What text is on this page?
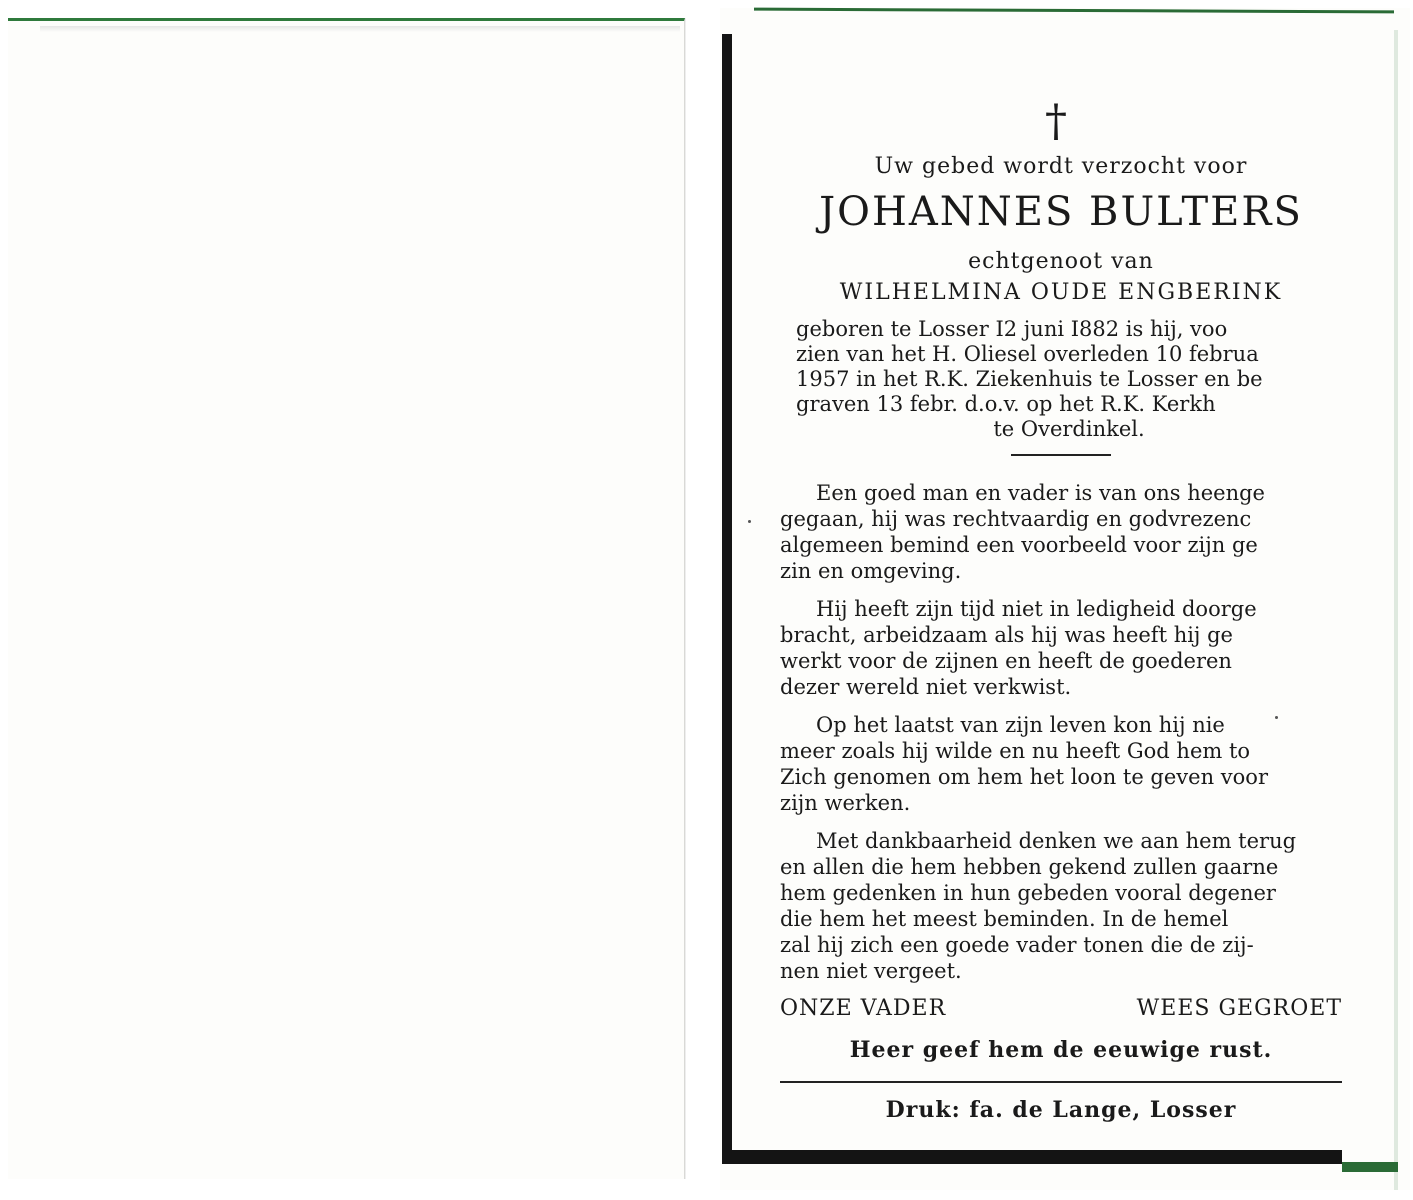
†
Uw gebed wordt verzocht voor
JOHANNES BULTERS
echtgenoot van
WILHELMINA OUDE ENGBERINK
geboren te Losser I2 juni I882 is hij, voo
zien van het H. Oliesel overleden 10 februa
1957 in het R.K. Ziekenhuis te Losser en be
graven 13 febr. d.o.v. op het R.K. Kerkh
te Overdinkel.
Een goed man en vader is van ons heenge
gegaan, hij was rechtvaardig en godvrezenc
algemeen bemind een voorbeeld voor zijn ge
zin en omgeving.
Hij heeft zijn tijd niet in ledigheid doorge
bracht, arbeidzaam als hij was heeft hij ge
werkt voor de zijnen en heeft de goederen
dezer wereld niet verkwist.
Op het laatst van zijn leven kon hij nie
meer zoals hij wilde en nu heeft God hem to
Zich genomen om hem het loon te geven voor
zijn werken.
Met dankbaarheid denken we aan hem terug
en allen die hem hebben gekend zullen gaarne
hem gedenken in hun gebeden vooral degener
die hem het meest beminden. In de hemel
zal hij zich een goede vader tonen die de zij-
nen niet vergeet.
ONZE VADER	WEES GEGROET
Heer geef hem de eeuwige rust.
Druk: fa. de Lange, Losser
